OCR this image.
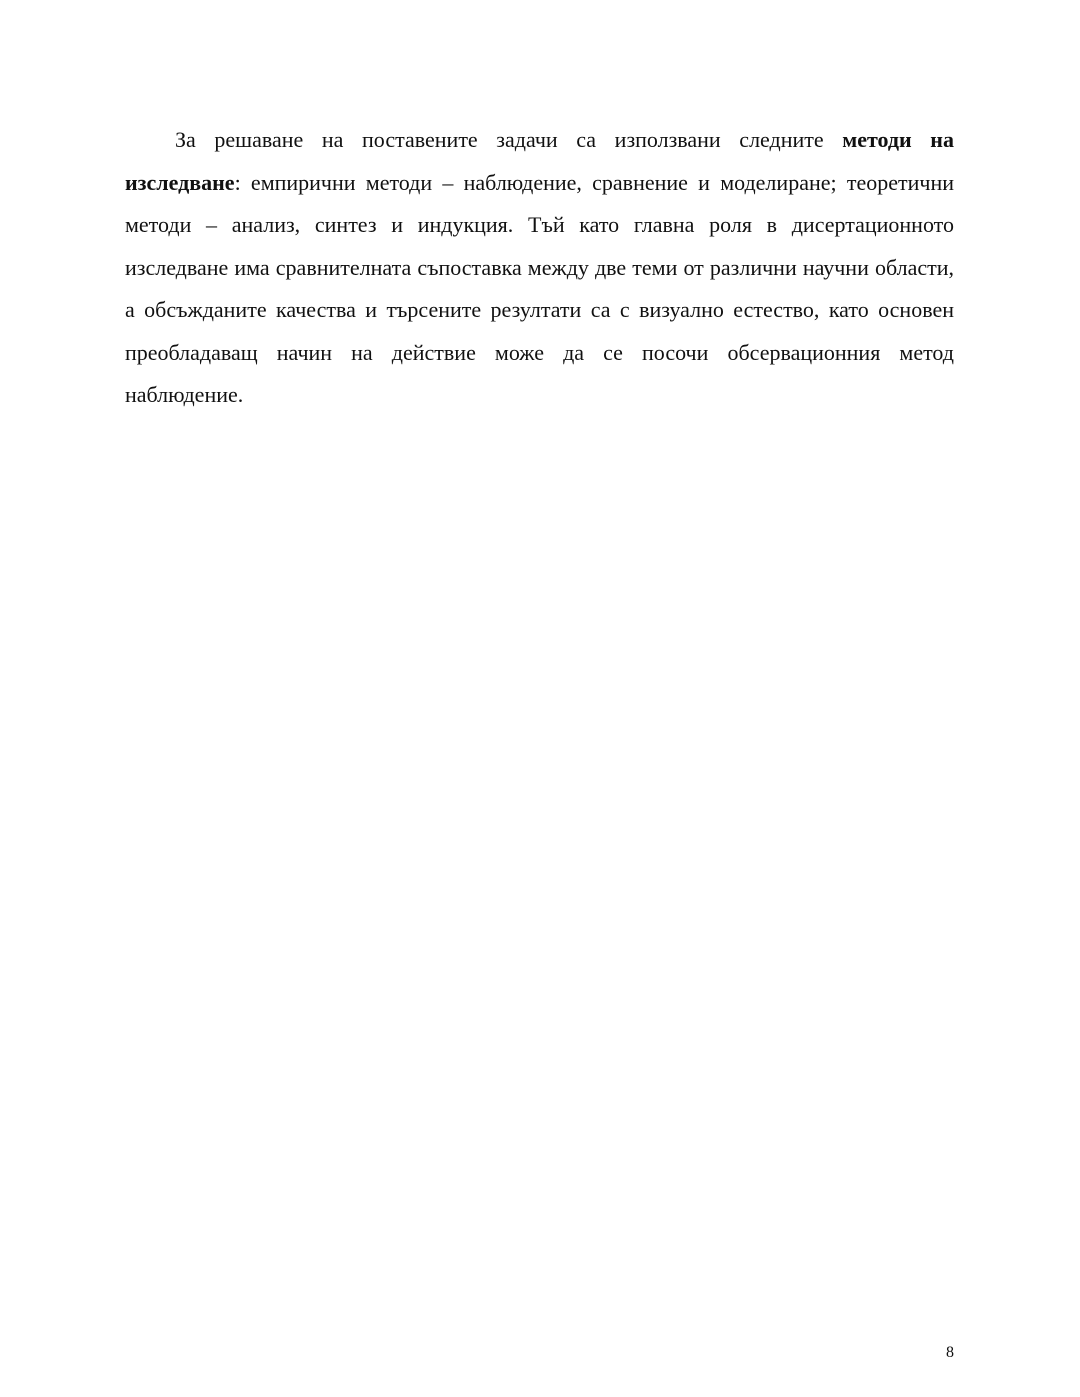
За решаване на поставените задачи са използвани следните методи на изследване: емпирични методи – наблюдение, сравнение и моделиране; теоретични методи – анализ, синтез и индукция. Тъй като главна роля в дисертационното изследване има сравнителната съпоставка между две теми от различни научни области, а обсъжданите качества и търсените резултати са с визуално естество, като основен преобладаващ начин на действие може да се посочи обсервационния метод наблюдение.

8
